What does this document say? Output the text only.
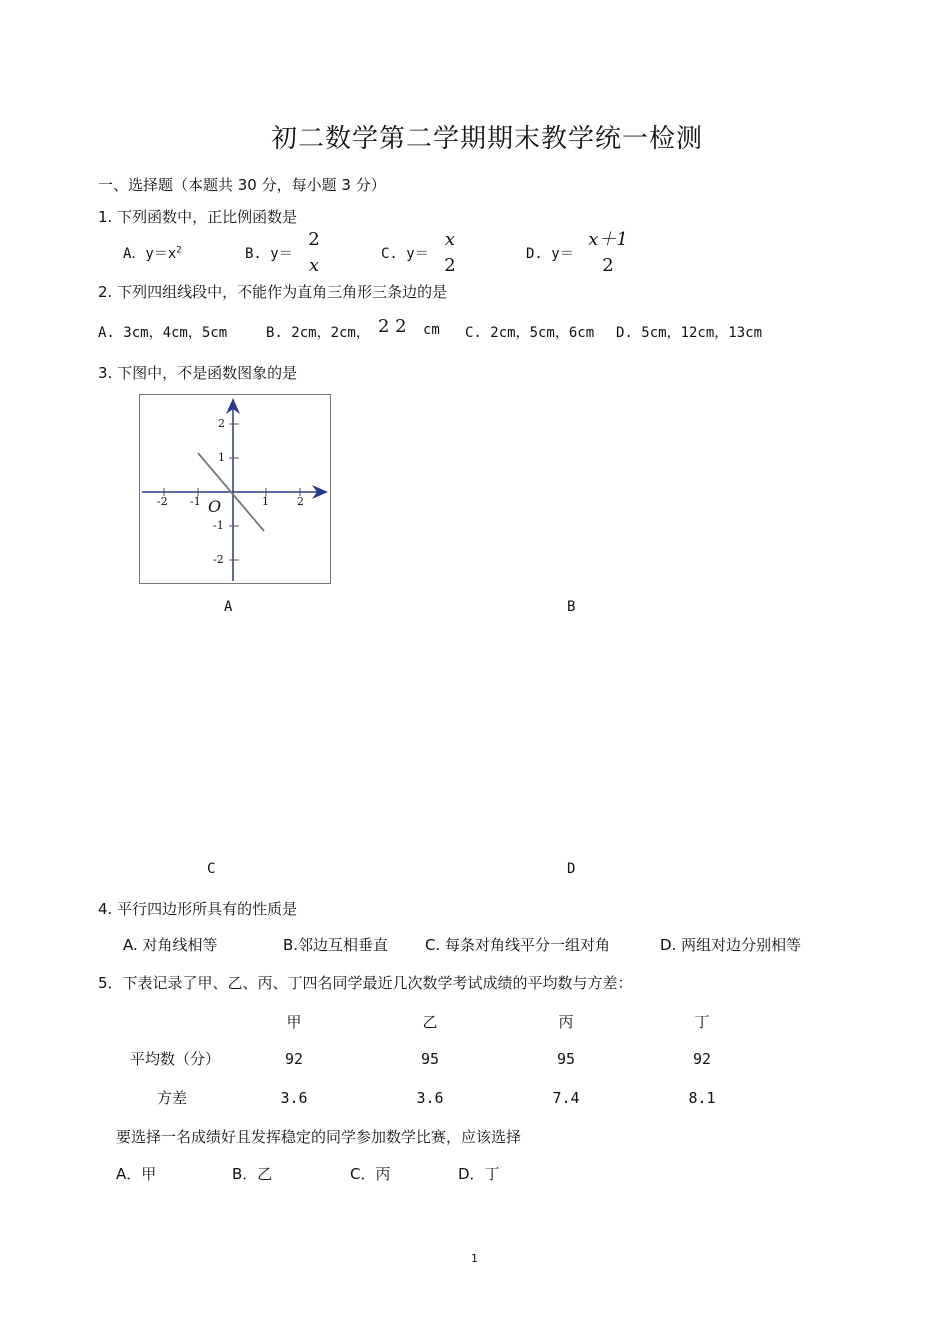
初二数学第二学期期末教学统一检测
一、选择题（本题共 30 分，每小题 3 分）
1. 下列函数中，正比例函数是
A．$y=x^2$	B. y＝
2
x
C. y＝
x
2
D. y＝
x＋1
2
2. 下列四组线段中，不能作为直角三角形三条边的是
A. 3cm，4cm，5cm	B. 2cm，2cm， 2 2 cm C. 2cm，5cm，6cm D. 5cm，12cm，13cm
3. 下图中，不是函数图象的是
O
-2 -1	1	2
2
1
-1
-2
A	B
C	D
4. 平行四边形所具有的性质是
A. 对角线相等	B.邻边互相垂直 C. 每条对角线平分一组对角	D. 两组对边分别相等
5．下表记录了甲、乙、丙、丁四名同学最近几次数学考试成绩的平均数与方差：
甲	乙	丙	丁
平均数（分）	92	95	95	92
方差	3.6	3.6	7.4	8.1
要选择一名成绩好且发挥稳定的同学参加数学比赛，应该选择
A．甲	B．乙	C．丙	D．丁
1
